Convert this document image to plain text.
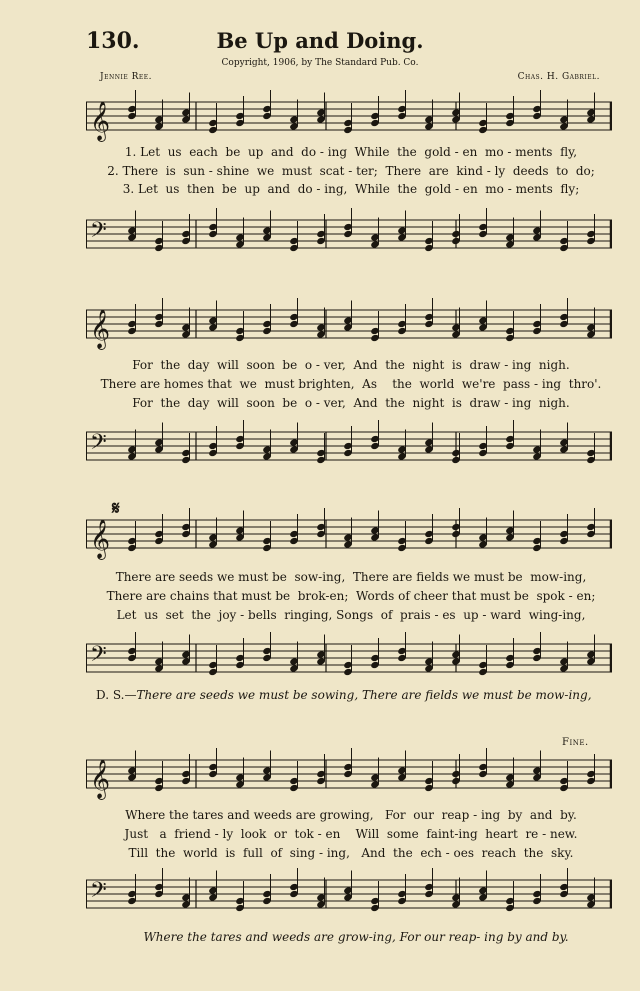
130.	Be Up and Doing.
Copyright, 1906, by The Standard Pub. Co.
Jennie Ree.	Chas. H. Gabriel.
𝄞
1. Let  us  each  be  up  and  do - ing  While  the  gold - en  mo - ments  fly,
2. There  is  sun - shine  we  must  scat - ter;  There  are  kind - ly  deeds  to  do;
3. Let  us  then  be  up  and  do - ing,  While  the  gold - en  mo - ments  fly;
𝄢
𝄞
For  the  day  will  soon  be  o - ver,  And  the  night  is  draw - ing  nigh.
There are homes that  we  must brighten,  As    the  world  we're  pass - ing  thro'.
For  the  day  will  soon  be  o - ver,  And  the  night  is  draw - ing  nigh.
𝄢
𝄋
𝄞
There are seeds we must be  sow-ing,  There are fields we must be  mow-ing,
There are chains that must be  brok-en;  Words of cheer that must be  spok - en;
Let  us  set  the  joy - bells  ringing, Songs  of  prais - es  up - ward  wing-ing,
𝄢
D. S.—There are seeds we must be sowing, There are fields we must be mow-ing,
Fine.
𝄞
Where the tares and weeds are growing,   For  our  reap - ing  by  and  by.
Just   a  friend - ly  look  or  tok - en    Will  some  faint-ing  heart  re - new.
Till  the  world  is  full  of  sing - ing,   And  the  ech - oes  reach  the  sky.
𝄢
Where the tares and weeds are grow-ing, For our reap- ing by and by.
